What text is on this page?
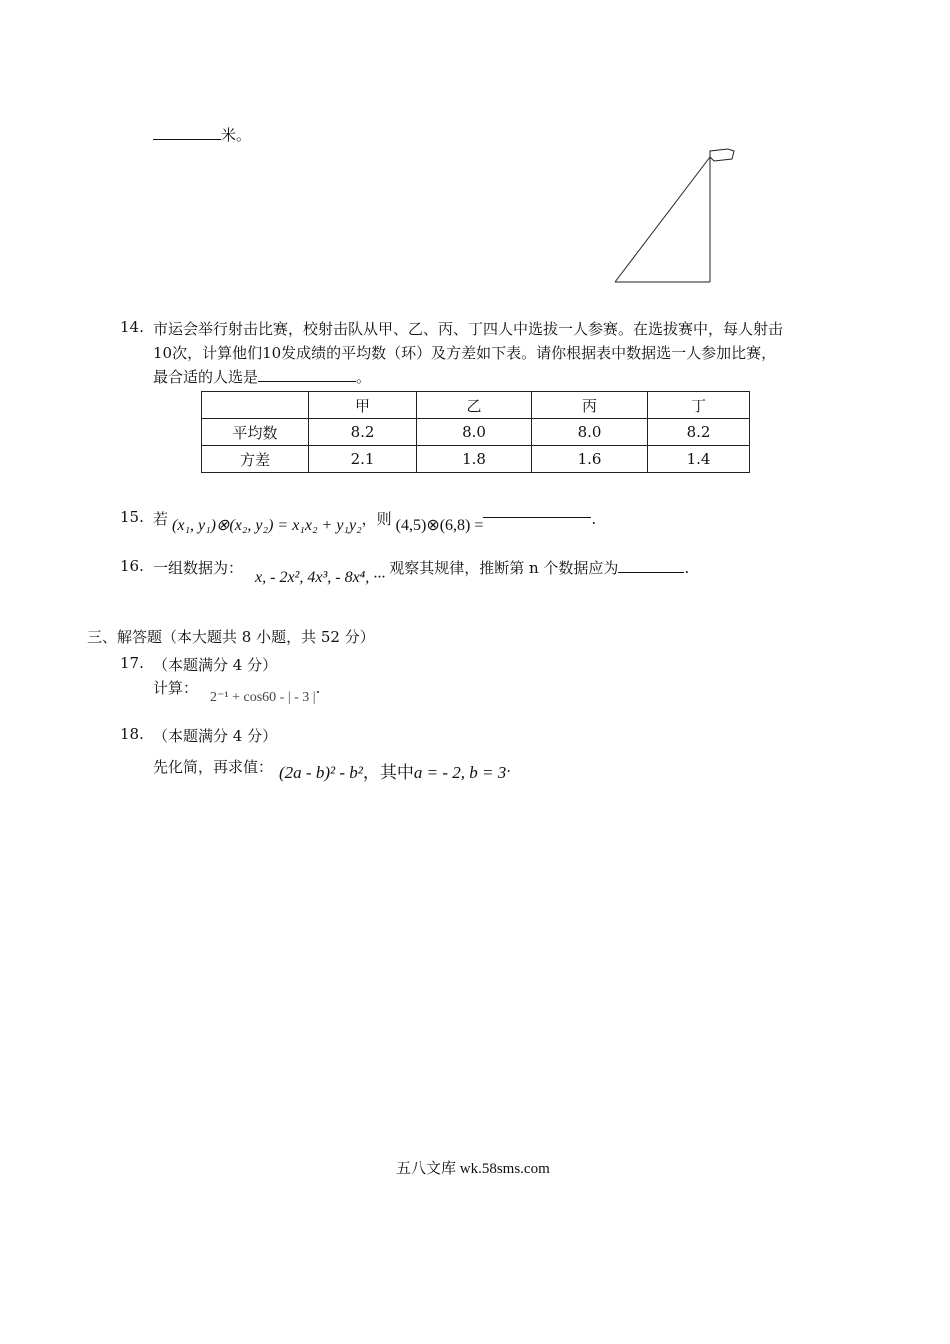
米。
14. 市运会举行射击比赛，校射击队从甲、乙、丙、丁四人中选拔一人参赛。在选拔赛中，每人射击
10次，计算他们10发成绩的平均数（环）及方差如下表。请你根据表中数据选一人参加比赛，
最合适的人选是	。
	甲	乙	丙	丁
平均数	8.2	8.0	8.0	8.2
方差	2.1	1.8	1.6	1.4
15. 若 (x₁, y₁)⊗(x₂, y₂) = x₁x₂ + y₁y₂，则 (4,5)⊗(6,8) =	.
16. 一组数据为：x, - 2x², 4x³, - 8x⁴, ···观察其规律，推断第 n 个数据应为	.
三、解答题（本大题共 8 小题，共 52 分）
17. （本题满分 4 分）
计算：2⁻¹ + cos60 - | - 3 |.
18. （本题满分 4 分）
先化简，再求值： (2a - b)² - b²，其中a = - 2, b = 3.
五八文库 wk.58sms.com
